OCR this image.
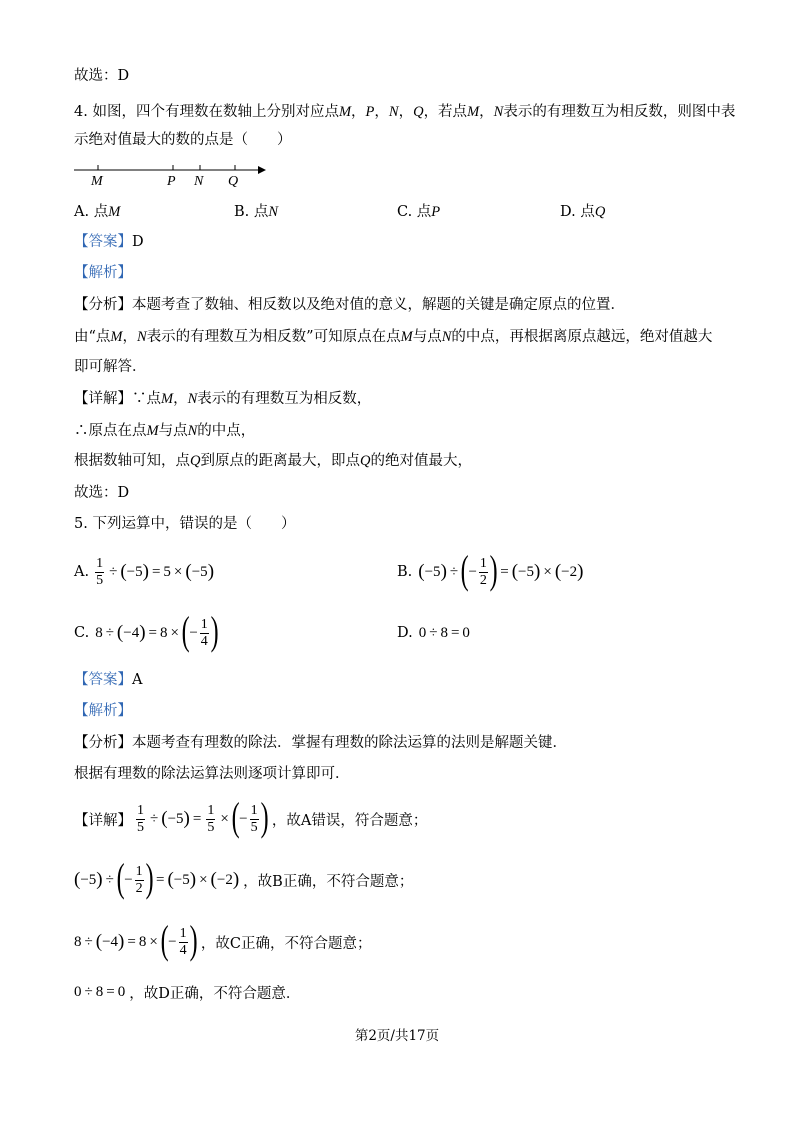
故选：D
4. 如图，四个有理数在数轴上分别对应点M，P，N，Q，若点M，N表示的有理数互为相反数，则图中表
示绝对值最大的数的点是（　　）
M	P N Q
A. 点M	B. 点N	C. 点P	D. 点Q
【答案】D
【解析】
【分析】本题考查了数轴、相反数以及绝对值的意义，解题的关键是确定原点的位置．
由“点M，N表示的有理数互为相反数”可知原点在点M与点N的中点，再根据离原点越远，绝对值越大
即可解答．
【详解】∵点M，N表示的有理数互为相反数，
∴原点在点M与点N的中点，
根据数轴可知，点Q到原点的距离最大，即点Q的绝对值最大，
故选：D
5. 下列运算中，错误的是（　　）
A. $\frac{1}{5}$ ÷ ( −5 ) = 5 × ( −5 )	B. ( −5 ) ÷ ( − $\frac{1}{2}$ ) = ( −5 ) × ( −2 )
C. 8 ÷ ( −4 ) = 8 × ( − $\frac{1}{4}$ )	D. 0 ÷ 8 = 0
【答案】A
【解析】
【分析】本题考查有理数的除法．掌握有理数的除法运算的法则是解题关键．
根据有理数的除法运算法则逐项计算即可．
【详解】 $\frac{1}{5}$ ÷ ( −5 ) = $\frac{1}{5}$ × ( − $\frac{1}{5}$ ) ，故A错误，符合题意；
( −5 ) ÷ ( − $\frac{1}{2}$ ) = ( −5 ) × ( −2 ) ，故B正确，不符合题意；
8 ÷ ( −4 ) = 8 × ( − $\frac{1}{4}$ ) ，故C正确，不符合题意；
0 ÷ 8 = 0 ，故D正确，不符合题意．
第2页/共17页
